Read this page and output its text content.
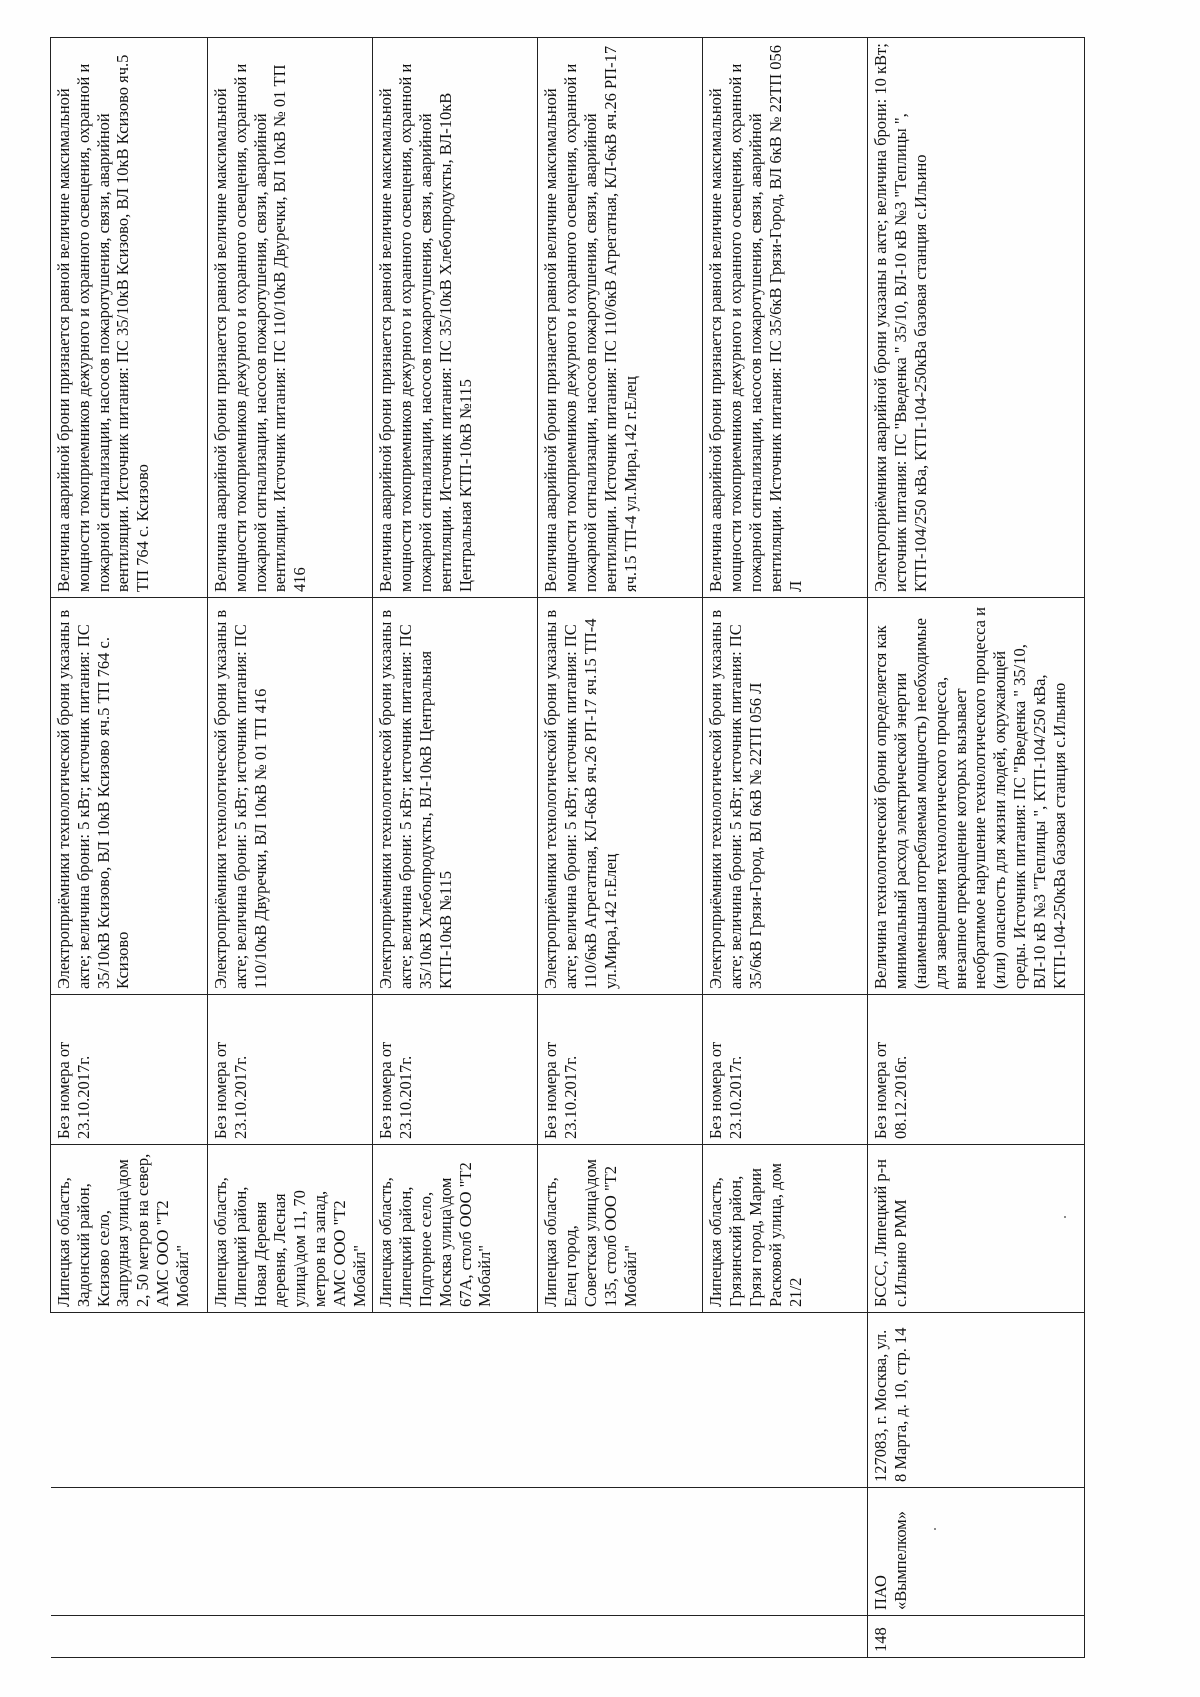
			Липецкая область, Задонский район, Ксизово село, Запрудная улица\дом 2, 50 метров на север, АМС ООО "Т2 Мобайл"	Без номера от 23.10.2017г.	Электроприёмники технологической брони указаны в акте; величина брони: 5 кВт; источник питания: ПС 35/10кВ Ксизово, ВЛ 10кВ Ксизово яч.5 ТП 764 с. Ксизово	Величина аварийной брони признается равной величине максимальной мощности токоприемников дежурного и охранного освещения, охранной и пожарной сигнализации, насосов пожаротушения, связи, аварийной вентиляции. Источник питания: ПС 35/10кВ Ксизово, ВЛ 10кВ Ксизово яч.5 ТП 764 с. Ксизово
			Липецкая область, Липецкий район, Новая Деревня деревня, Лесная улица\дом 11, 70 метров на запад, АМС ООО "Т2 Мобайл"	Без номера от 23.10.2017г.	Электроприёмники технологической брони указаны в акте; величина брони: 5 кВт; источник питания: ПС 110/10кВ Двуречки, ВЛ 10кВ № 01 ТП 416	Величина аварийной брони признается равной величине максимальной мощности токоприемников дежурного и охранного освещения, охранной и пожарной сигнализации, насосов пожаротушения, связи, аварийной вентиляции. Источник питания: ПС 110/10кВ Двуречки, ВЛ 10кВ № 01 ТП 416
			Липецкая область, Липецкий район, Подгорное село, Москва улица\дом 67А, столб ООО "Т2 Мобайл"	Без номера от 23.10.2017г.	Электроприёмники технологической брони указаны в акте; величина брони: 5 кВт; источник питания: ПС 35/10кВ Хлебопродукты, ВЛ-10кВ Центральная КТП-10кВ №115	Величина аварийной брони признается равной величине максимальной мощности токоприемников дежурного и охранного освещения, охранной и пожарной сигнализации, насосов пожаротушения, связи, аварийной вентиляции. Источник питания: ПС 35/10кВ Хлебопродукты, ВЛ-10кВ Центральная КТП-10кВ №115
			Липецкая область, Елец город, Советская улица\дом 135, столб ООО "Т2 Мобайл"	Без номера от 23.10.2017г.	Электроприёмники технологической брони указаны в акте; величина брони: 5 кВт; источник питания: ПС 110/6кВ Агрегатная, КЛ-6кВ яч.26 РП-17 яч.15 ТП-4 ул.Мира,142 г.Елец	Величина аварийной брони признается равной величине максимальной мощности токоприемников дежурного и охранного освещения, охранной и пожарной сигнализации, насосов пожаротушения, связи, аварийной вентиляции. Источник питания: ПС 110/6кВ Агрегатная, КЛ-6кВ яч.26 РП-17 яч.15 ТП-4 ул.Мира,142 г.Елец
			Липецкая область, Грязинский район, Грязи город, Марии Расковой улица, дом 21/2	Без номера от 23.10.2017г.	Электроприёмники технологической брони указаны в акте; величина брони: 5 кВт; источник питания: ПС 35/6кВ Грязи-Город, ВЛ 6кВ № 22ТП 056 Л	Величина аварийной брони признается равной величине максимальной мощности токоприемников дежурного и охранного освещения, охранной и пожарной сигнализации, насосов пожаротушения, связи, аварийной вентиляции. Источник питания: ПС 35/6кВ Грязи-Город, ВЛ 6кВ № 22ТП 056 Л
148	ПАО «Вымпелком»	127083, г. Москва, ул. 8 Марта, д. 10, стр. 14	БССС, Липецкий р-н с.Ильино РММ	Без номера от 08.12.2016г.	Величина технологической брони определяется как минимальный расход электрической энергии (наименьшая потребляемая мощность) необходимые для завершения технологического процесса, внезапное прекращение которых вызывает необратимое нарушение технологического процесса и (или) опасность для жизни людей, окружающей среды. Источник питания: ПС "Введенка " 35/10, ВЛ-10 кВ №3 "Теплицы ", КТП-104/250 кВа, КТП-104-250кВа базовая станция с.Ильино	Электроприёмники аварийной брони указаны в акте; величина брони: 10 кВт; источник питания: ПС "Введенка " 35/10, ВЛ-10 кВ №3 "Теплицы ", КТП-104/250 кВа, КТП-104-250кВа базовая станция с.Ильино
